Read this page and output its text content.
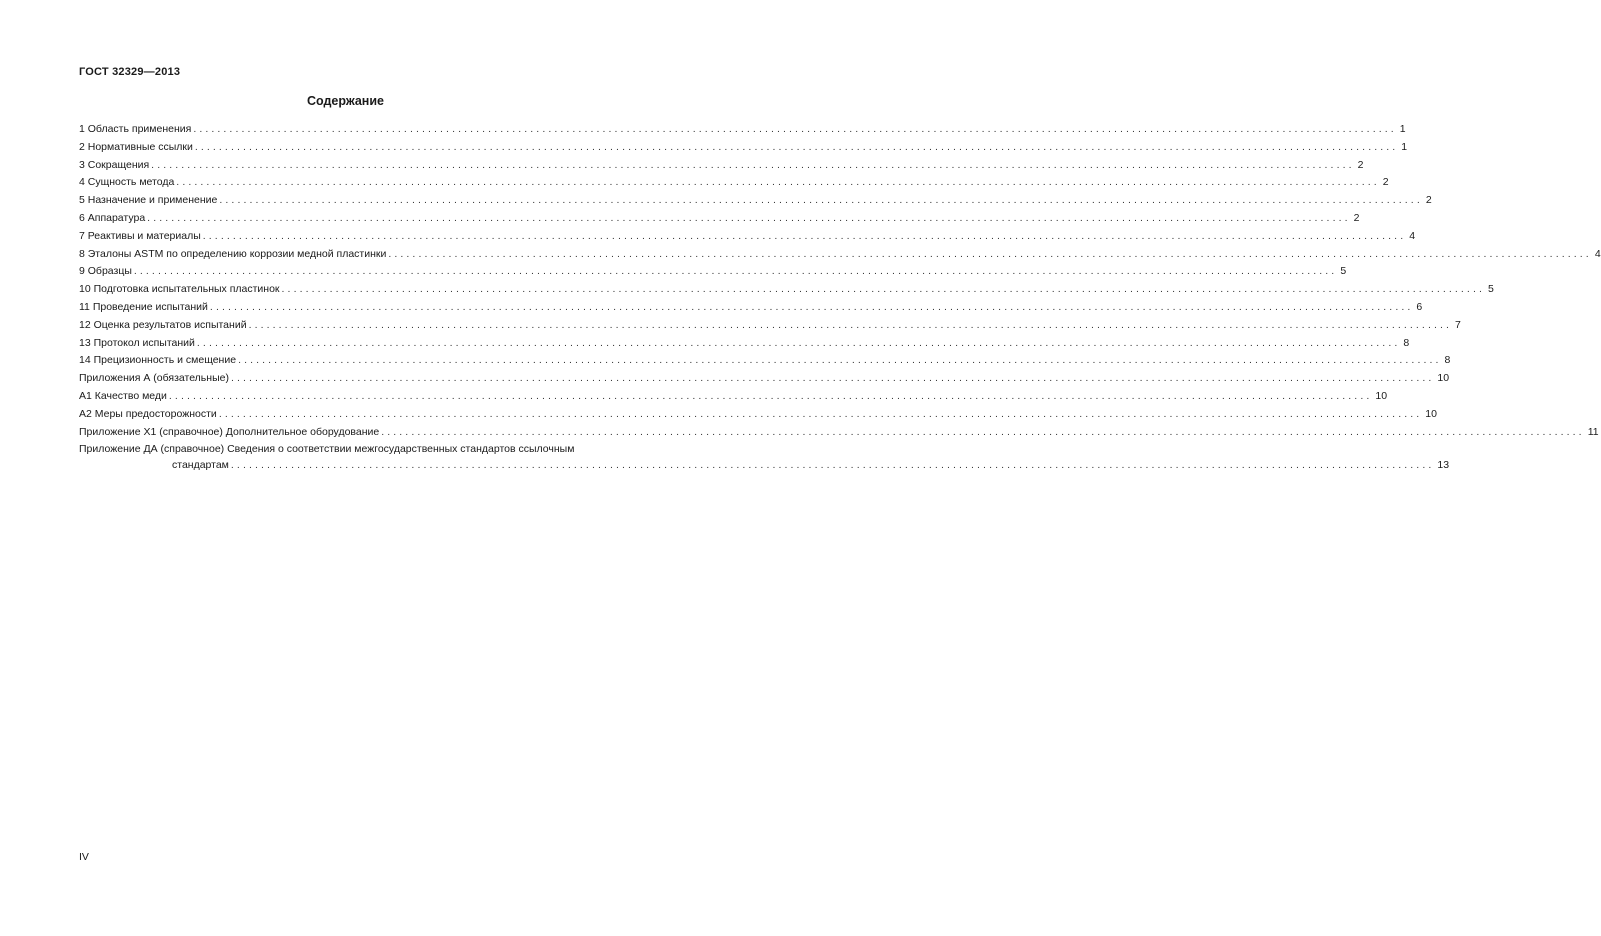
ГОСТ 32329—2013
Содержание
1 Область применения ........................................................................................................................................................................................................ 1
2 Нормативные ссылки ........................................................................................................................................................................................................ 1
3 Сокращения ........................................................................................................................................................................................................ 2
4 Сущность метода ........................................................................................................................................................................................................ 2
5 Назначение и применение ........................................................................................................................................................................................................ 2
6 Аппаратура ........................................................................................................................................................................................................ 2
7 Реактивы и материалы ........................................................................................................................................................................................................ 4
8 Эталоны ASTM по определению коррозии медной пластинки ........................................................................................................................................................................................................ 4
9 Образцы ........................................................................................................................................................................................................ 5
10 Подготовка испытательных пластинок ........................................................................................................................................................................................................ 5
11 Проведение испытаний ........................................................................................................................................................................................................ 6
12 Оценка результатов испытаний ........................................................................................................................................................................................................ 7
13 Протокол испытаний ........................................................................................................................................................................................................ 8
14 Прецизионность и смещение ........................................................................................................................................................................................................ 8
Приложения А (обязательные) ........................................................................................................................................................................................................ 10
А1 Качество меди ........................................................................................................................................................................................................ 10
А2 Меры предосторожности ........................................................................................................................................................................................................ 10
Приложение Х1 (справочное) Дополнительное оборудование ........................................................................................................................................................................................................ 11
Приложение ДА (справочное) Сведения о соответствии межгосударственных стандартов ссылочным
стандартам ........................................................................................................................................................................................................ 13
IV
